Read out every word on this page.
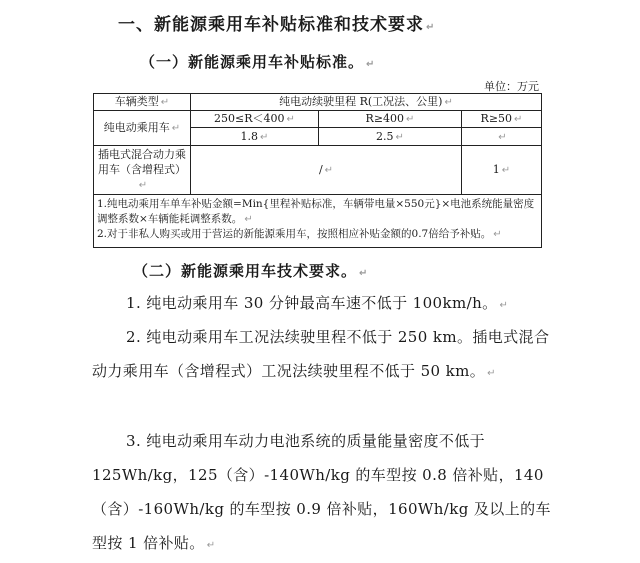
一、新能源乘用车补贴标准和技术要求 ↵
（一）新能源乘用车补贴标准。 ↵
单位：万元
车辆类型 ↵	纯电动续驶里程 R(工况法、公里) ↵		
纯电动乘用车 ↵	250≤R＜400 ↵	R≥400 ↵	R≥50 ↵
	1.8 ↵	2.5 ↵	↵
插电式混合动力乘用车（含增程式）↵	/ ↵		1 ↵

1.纯电动乘用车单车补贴金额=Min{里程补贴标准，车辆带电量×550元}×电池系统能量密度调整系数×车辆能耗调整系数。 ↵
2.对于非私人购买或用于营运的新能源乘用车，按照相应补贴金额的0.7倍给予补贴。 ↵			
（二）新能源乘用车技术要求。 ↵
1. 纯电动乘用车 30 分钟最高车速不低于 100km/h。 ↵
2. 纯电动乘用车工况法续驶里程不低于 250 km。插电式混合动力乘用车（含增程式）工况法续驶里程不低于 50 km。 ↵
3. 纯电动乘用车动力电池系统的质量能量密度不低于125Wh/kg，125（含）-140Wh/kg 的车型按 0.8 倍补贴，140（含）-160Wh/kg 的车型按 0.9 倍补贴，160Wh/kg 及以上的车型按 1 倍补贴。 ↵
